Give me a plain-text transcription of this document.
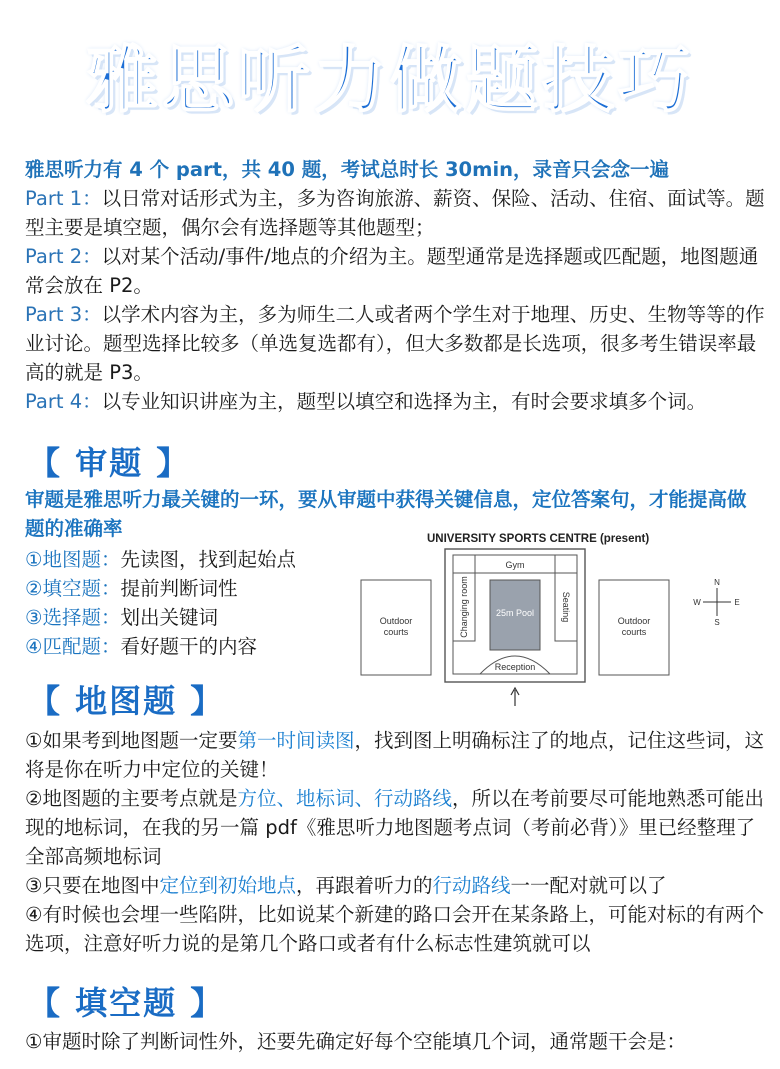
雅思听力做题技巧

雅思听力有 4 个 part，共 40 题，考试总时长 30min，录音只会念一遍

Part 1：以日常对话形式为主，多为咨询旅游、薪资、保险、活动、住宿、面试等。题型主要是填空题，偶尔会有选择题等其他题型；

Part 2：以对某个活动/事件/地点的介绍为主。题型通常是选择题或匹配题，地图题通常会放在 P2。

Part 3：以学术内容为主，多为师生二人或者两个学生对于地理、历史、生物等等的作业讨论。题型选择比较多（单选复选都有），但大多数都是长选项，很多考生错误率最高的就是 P3。

Part 4：以专业知识讲座为主，题型以填空和选择为主，有时会要求填多个词。

【 审题 】

审题是雅思听力最关键的一环，要从审题中获得关键信息，定位答案句，才能提高做题的准确率

①地图题：先读图，找到起始点

②填空题：提前判断词性

③选择题：划出关键词

④匹配题：看好题干的内容

UNIVERSITY SPORTS CENTRE (present)
Gym
Changing room	Seating
25m Pool
Reception
Outdoor courts
Outdoor courts
N
S
W	E
【 地图题 】

①如果考到地图题一定要第一时间读图，找到图上明确标注了的地点，记住这些词，这将是你在听力中定位的关键！

②地图题的主要考点就是方位、地标词、行动路线，所以在考前要尽可能地熟悉可能出现的地标词，在我的另一篇 pdf《雅思听力地图题考点词（考前必背）》里已经整理了全部高频地标词

③只要在地图中定位到初始地点，再跟着听力的行动路线一一配对就可以了

④有时候也会埋一些陷阱，比如说某个新建的路口会开在某条路上，可能对标的有两个选项，注意好听力说的是第几个路口或者有什么标志性建筑就可以

【 填空题 】

①审题时除了判断词性外，还要先确定好每个空能填几个词，通常题干会是：
